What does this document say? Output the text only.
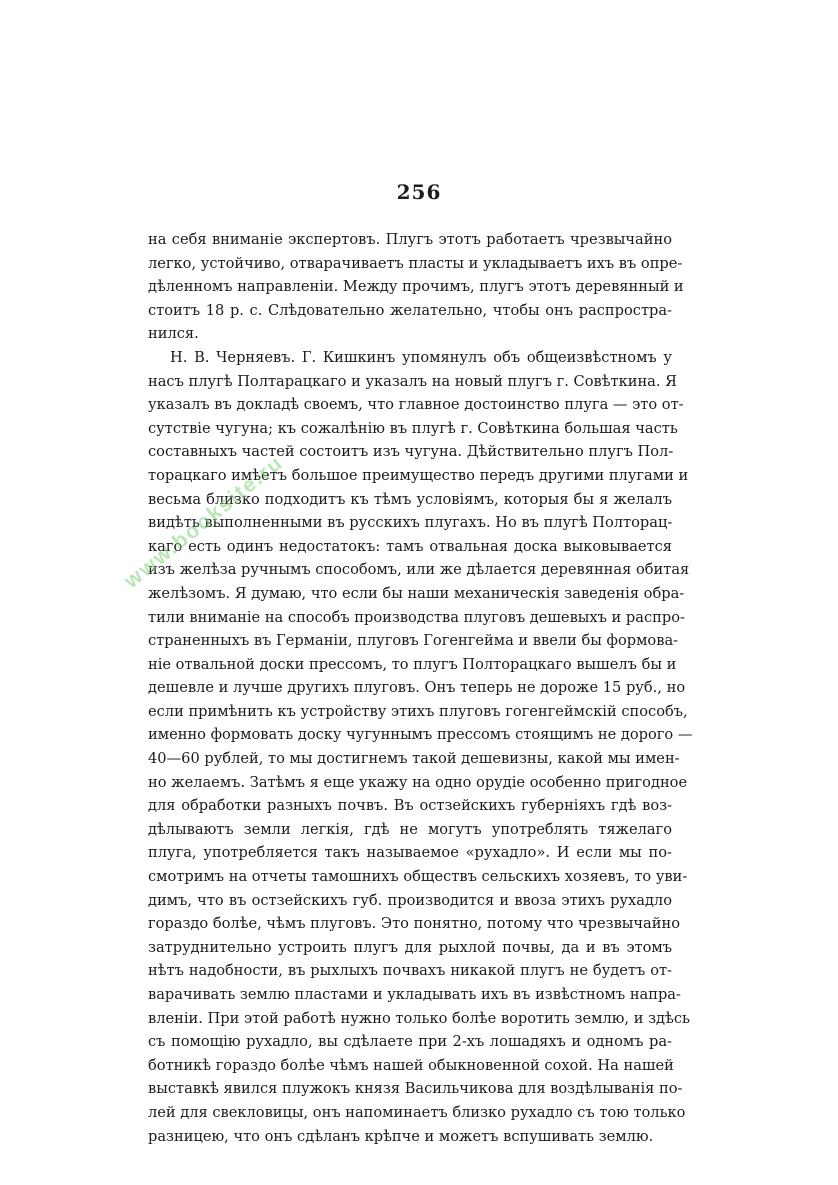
256
на себя вниманіе экспертовъ. Плугъ этотъ работаетъ чрезвычайно
легко, устойчиво, отварачиваетъ пласты и укладываетъ ихъ въ опре-
дѣленномъ направленіи. Между прочимъ, плугъ этотъ деревянный и
стоитъ 18 р. с. Слѣдовательно желательно, чтобы онъ распростра-
нился.
Н. В. Черняевъ. Г. Кишкинъ упомянулъ объ общеизвѣстномъ у
насъ плугѣ Полтарацкаго и указалъ на новый плугъ г. Совѣткина. Я
указалъ въ докладѣ своемъ, что главное достоинство плуга — это от-
сутствіе чугуна; къ сожалѣнію въ плугѣ г. Совѣткина большая часть
составныхъ частей состоитъ изъ чугуна. Дѣйствительно плугъ Пол-
торацкаго имѣетъ большое преимущество передъ другими плугами и
весьма близко подходитъ къ тѣмъ условіямъ, которыя бы я желалъ
видѣть выполненными въ русскихъ плугахъ. Но въ плугѣ Полторац-
каго есть одинъ недостатокъ: тамъ отвальная доска выковывается
изъ желѣза ручнымъ способомъ, или же дѣлается деревянная обитая
желѣзомъ. Я думаю, что если бы наши механическія заведенія обра-
тили вниманіе на способъ производства плуговъ дешевыхъ и распро-
страненныхъ въ Германіи, плуговъ Гогенгейма и ввели бы формова-
ніе отвальной доски прессомъ, то плугъ Полторацкаго вышелъ бы и
дешевле и лучше другихъ плуговъ. Онъ теперь не дороже 15 руб., но
если примѣнить къ устройству этихъ плуговъ гогенгеймскій способъ,
именно формовать доску чугуннымъ прессомъ стоящимъ не дорого —
40—60 рублей, то мы достигнемъ такой дешевизны, какой мы имен-
но желаемъ. Затѣмъ я еще укажу на одно орудіе особенно пригодное
для обработки разныхъ почвъ. Въ остзейскихъ губерніяхъ гдѣ воз-
дѣлываютъ земли легкія, гдѣ не могутъ употреблять тяжелаго
плуга, употребляется такъ называемое «рухадло». И если мы по-
смотримъ на отчеты тамошнихъ обществъ сельскихъ хозяевъ, то уви-
димъ, что въ остзейскихъ губ. производится и ввоза этихъ рухадло
гораздо болѣе, чѣмъ плуговъ. Это понятно, потому что чрезвычайно
затруднительно устроить плугъ для рыхлой почвы, да и въ этомъ
нѣтъ надобности, въ рыхлыхъ почвахъ никакой плугъ не будетъ от-
варачивать землю пластами и укладывать ихъ въ извѣстномъ напра-
вленіи. При этой работѣ нужно только болѣе воротить землю, и здѣсь
съ помощію рухадло, вы сдѣлаете при 2-хъ лошадяхъ и одномъ ра-
ботникѣ гораздо болѣе чѣмъ нашей обыкновенной сохой. На нашей
выставкѣ явился плужокъ князя Васильчикова для воздѣлыванія по-
лей для свекловицы, онъ напоминаетъ близко рухадло съ тою только
разницею, что онъ сдѣланъ крѣпче и можетъ вспушивать землю.
www.booksite.ru
